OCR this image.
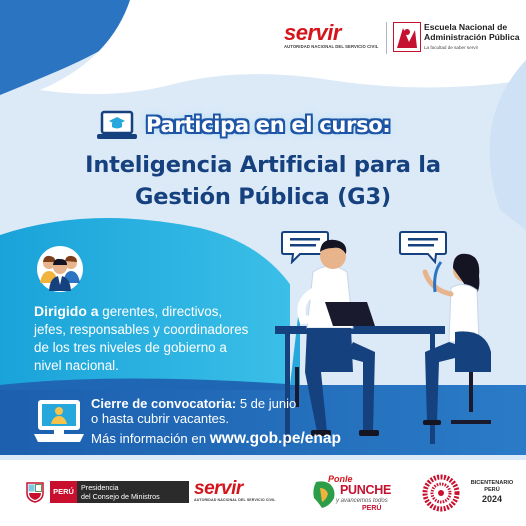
servir
AUTORIDAD NACIONAL DEL SERVICIO CIVIL
Escuela Nacional de
Administración Pública
La facultad de saber servir
Participa en el curso:
Inteligencia Artificial para la
Gestión Pública (G3)
Dirigido a gerentes, directivos, jefes, responsables y coordinadores de los tres niveles de gobierno a nivel nacional.
Cierre de convocatoria: 5 de junio
o hasta cubrir vacantes.
Más información en www.gob.pe/enap
PERÚ Presidencia
del Consejo de Ministros	servir
AUTORIDAD NACIONAL DEL SERVICIO CIVIL
Ponle
PUNCHE
y avancemos todos
PERÚ
BICENTENARIO
PERÚ
2024
